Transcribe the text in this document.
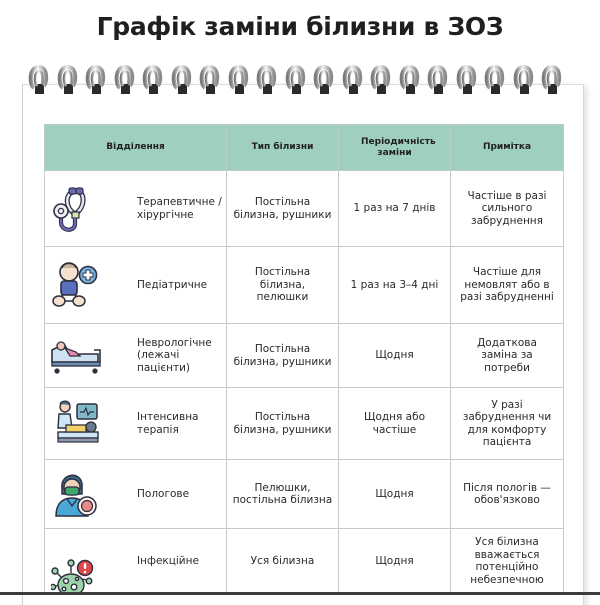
Графік заміни білизни в ЗОЗ
Відділення	Тип білизни	Періодичність заміни	Примітка

Терапевтичне / хірургічне	Постільна білизна, рушники	1 раз на 7 днів	Частіше в разі сильного забруднення

Педіатричне	Постільна білизна, пелюшки	1 раз на 3–4 дні	Частіше для немовлят або в разі забрудненні

Неврологічне (лежачі пацієнти)	Постільна білизна, рушники	Щодня	Додаткова заміна за потреби

Інтенсивна терапія	Постільна білизна, рушники	Щодня або частіше	У разі забруднення чи для комфорту пацієнта

Пологове	Пелюшки, постільна білизна	Щодня	Після пологів — обов'язково

Інфекційне	Уся білизна	Щодня	Уся білизна вважається потенційно небезпечною
